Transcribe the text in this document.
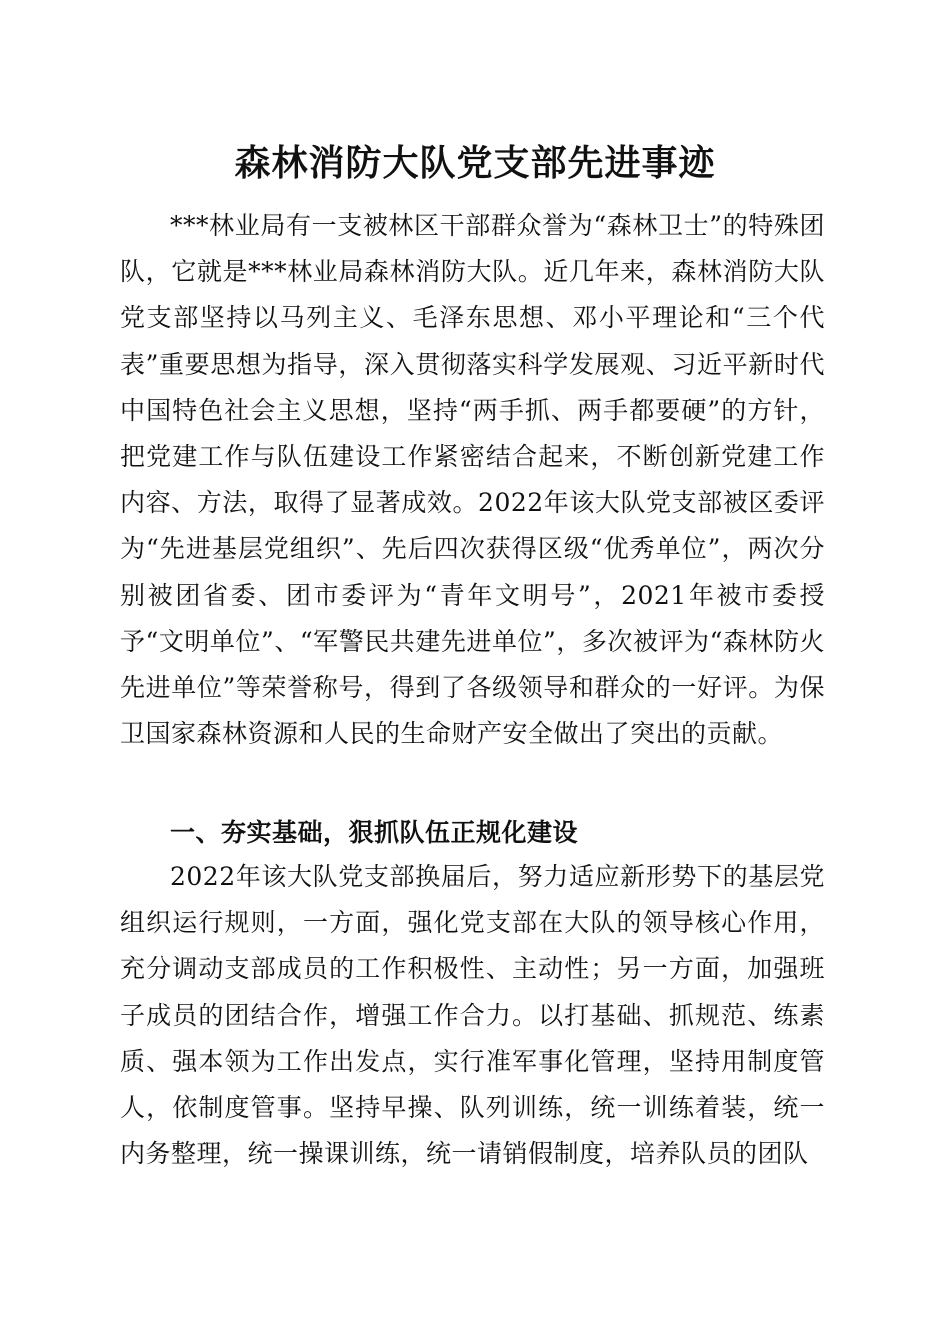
森林消防大队党支部先进事迹

***林业局有一支被林区干部群众誉为“森林卫士”的特殊团队，它就是***林业局森林消防大队。近几年来，森林消防大队党支部坚持以马列主义、毛泽东思想、邓小平理论和“三个代表”重要思想为指导，深入贯彻落实科学发展观、习近平新时代中国特色社会主义思想，坚持“两手抓、两手都要硬”的方针，把党建工作与队伍建设工作紧密结合起来，不断创新党建工作内容、方法，取得了显著成效。2022年该大队党支部被区委评为“先进基层党组织”、先后四次获得区级“优秀单位”，两次分别被团省委、团市委评为“青年文明号”，2021年被市委授予“文明单位”、“军警民共建先进单位”，多次被评为“森林防火先进单位”等荣誉称号，得到了各级领导和群众的一好评。为保卫国家森林资源和人民的生命财产安全做出了突出的贡献。

一、夯实基础，狠抓队伍正规化建设

2022年该大队党支部换届后，努力适应新形势下的基层党组织运行规则，一方面，强化党支部在大队的领导核心作用，充分调动支部成员的工作积极性、主动性；另一方面，加强班子成员的团结合作，增强工作合力。以打基础、抓规范、练素质、强本领为工作出发点，实行准军事化管理，坚持用制度管人，依制度管事。坚持早操、队列训练，统一训练着装，统一内务整理，统一操课训练，统一请销假制度，培养队员的团队
